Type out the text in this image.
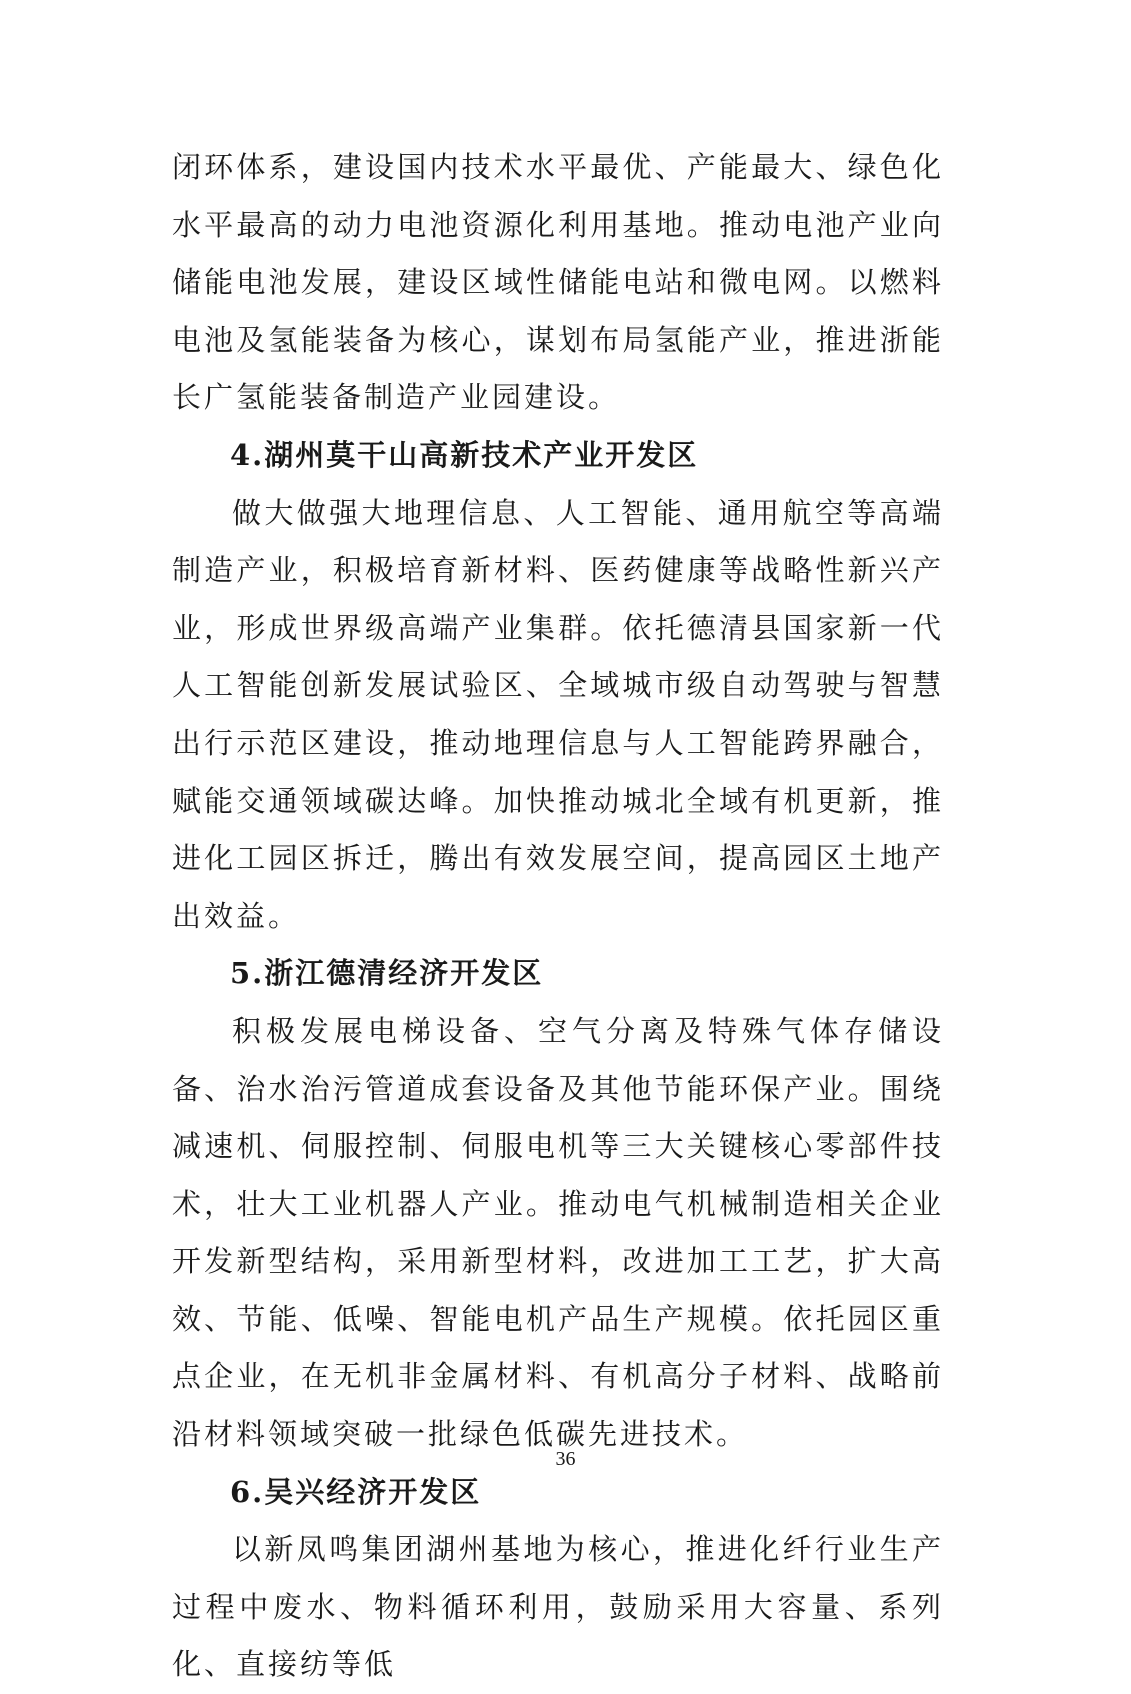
闭环体系，建设国内技术水平最优、产能最大、绿色化水平最高的动力电池资源化利用基地。推动电池产业向储能电池发展，建设区域性储能电站和微电网。以燃料电池及氢能装备为核心，谋划布局氢能产业，推进浙能长广氢能装备制造产业园建设。

4.湖州莫干山高新技术产业开发区

做大做强大地理信息、人工智能、通用航空等高端制造产业，积极培育新材料、医药健康等战略性新兴产业，形成世界级高端产业集群。依托德清县国家新一代人工智能创新发展试验区、全域城市级自动驾驶与智慧出行示范区建设，推动地理信息与人工智能跨界融合，赋能交通领域碳达峰。加快推动城北全域有机更新，推进化工园区拆迁，腾出有效发展空间，提高园区土地产出效益。

5.浙江德清经济开发区

积极发展电梯设备、空气分离及特殊气体存储设备、治水治污管道成套设备及其他节能环保产业。围绕减速机、伺服控制、伺服电机等三大关键核心零部件技术，壮大工业机器人产业。推动电气机械制造相关企业开发新型结构，采用新型材料，改进加工工艺，扩大高效、节能、低噪、智能电机产品生产规模。依托园区重点企业，在无机非金属材料、有机高分子材料、战略前沿材料领域突破一批绿色低碳先进技术。

6.吴兴经济开发区

以新凤鸣集团湖州基地为核心，推进化纤行业生产过程中废水、物料循环利用，鼓励采用大容量、系列化、直接纺等低

36
